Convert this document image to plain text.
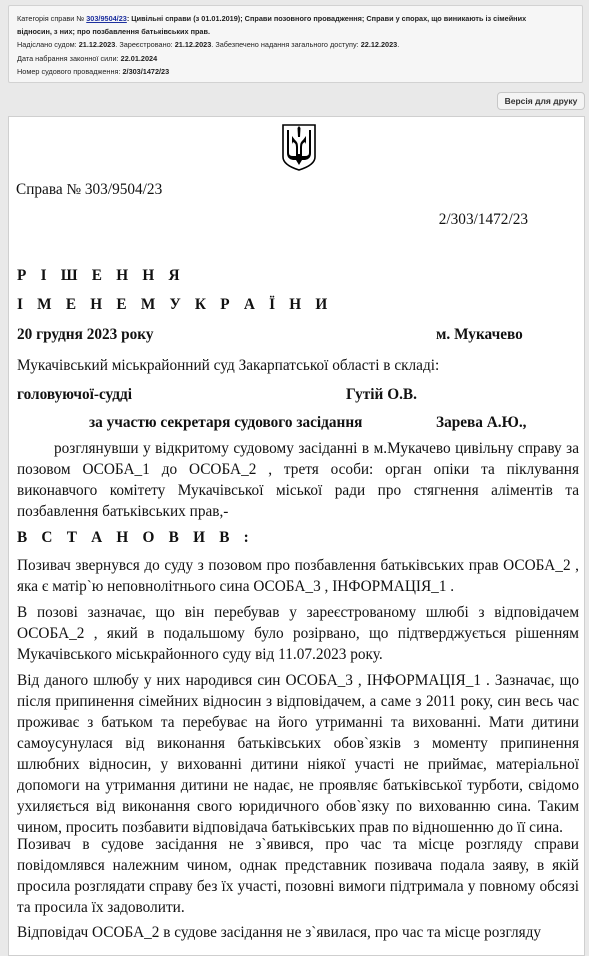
Категорія справи № 303/9504/23: Цивільні справи (з 01.01.2019); Справи позовного провадження; Справи у спорах, що виникають із сімейних
відносин, з них; про позбавлення батьківських прав.
Надіслано судом: 21.12.2023. Зареєстровано: 21.12.2023. Забезпечено надання загального доступу: 22.12.2023.
Дата набрання законної сили: 22.01.2024
Номер судового провадження: 2/303/1472/23
Версія для друку
Справа № 303/9504/23
2/303/1472/23
Р І Ш Е Н Н Я
І М Е Н Е М У К Р А Ї Н И
20 грудня 2023 року	м. Мукачево
Мукачівський міськрайонний суд Закарпатської області в складі:
головуючої-судді	Гутій О.В.
за участю секретаря судового засідання	Зарева А.Ю.,

розглянувши у відкритому судовому засіданні в м.Мукачево цивільну справу за позовом ОСОБА_1 до ОСОБА_2 , третя особи: орган опіки та піклування виконавчого комітету Мукачівської міської ради про стягнення аліментів та позбавлення батьківських прав,-

В С Т А Н О В И В :

Позивач звернувся до суду з позовом про позбавлення батьківських прав ОСОБА_2 , яка є матір`ю неповнолітнього сина ОСОБА_3 , ІНФОРМАЦІЯ_1 .

В позові зазначає, що він перебував у зареєстрованому шлюбі з відповідачем ОСОБА_2 , який в подальшому було розірвано, що підтверджується рішенням Мукачівського міськрайонного суду від 11.07.2023 року.

Від даного шлюбу у них народився син ОСОБА_3 , ІНФОРМАЦІЯ_1 . Зазначає, що після припинення сімейних відносин з відповідачем, а саме з 2011 року, син весь час проживає з батьком та перебуває на його утриманні та вихованні. Мати дитини самоусунулася від виконання батьківських обов`язків з моменту припинення шлюбних відносин, у вихованні дитини ніякої участі не приймає, матеріальної допомоги на утримання дитини не надає, не проявляє батьківської турботи, свідомо ухиляється від виконання свого юридичного обов`язку по вихованню сина. Таким чином, просить позбавити відповідача батьківських прав по відношенню до її сина.

Позивач в судове засідання не з`явився, про час та місце розгляду справи повідомлявся належним чином, однак представник позивача подала заяву, в якій просила розглядати справу без їх участі, позовні вимоги підтримала у повному обсязі та просила їх задоволити.

Відповідач ОСОБА_2 в судове засідання не з`явилася, про час та місце розгляду
